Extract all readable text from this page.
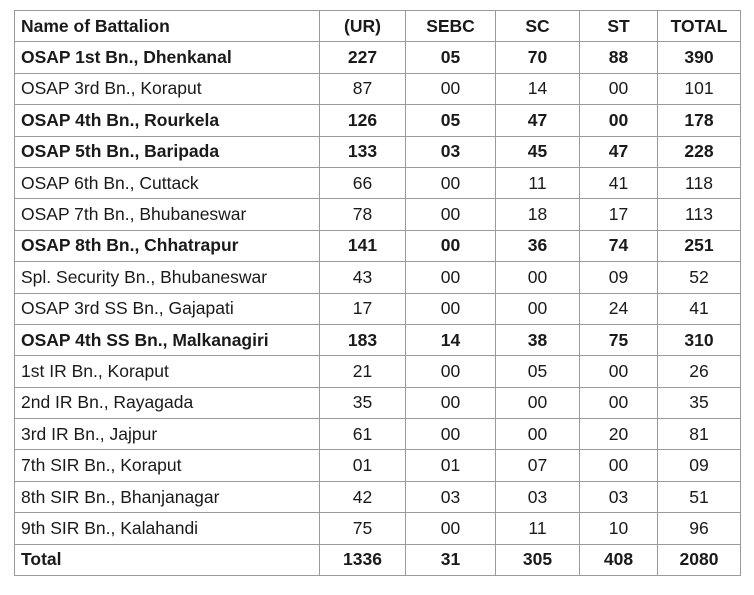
Name of Battalion	(UR)	SEBC	SC	ST	TOTAL
OSAP 1st Bn., Dhenkanal	227	05	70	88	390
OSAP 3rd Bn., Koraput	87	00	14	00	101
OSAP 4th Bn., Rourkela	126	05	47	00	178
OSAP 5th Bn., Baripada	133	03	45	47	228
OSAP 6th Bn., Cuttack	66	00	11	41	118
OSAP 7th Bn., Bhubaneswar	78	00	18	17	113
OSAP 8th Bn., Chhatrapur	141	00	36	74	251
Spl. Security Bn., Bhubaneswar	43	00	00	09	52
OSAP 3rd SS Bn., Gajapati	17	00	00	24	41
OSAP 4th SS Bn., Malkanagiri	183	14	38	75	310
1st IR Bn., Koraput	21	00	05	00	26
2nd IR Bn., Rayagada	35	00	00	00	35
3rd IR Bn., Jajpur	61	00	00	20	81
7th SIR Bn., Koraput	01	01	07	00	09
8th SIR Bn., Bhanjanagar	42	03	03	03	51
9th SIR Bn., Kalahandi	75	00	11	10	96
Total	1336	31	305	408	2080
